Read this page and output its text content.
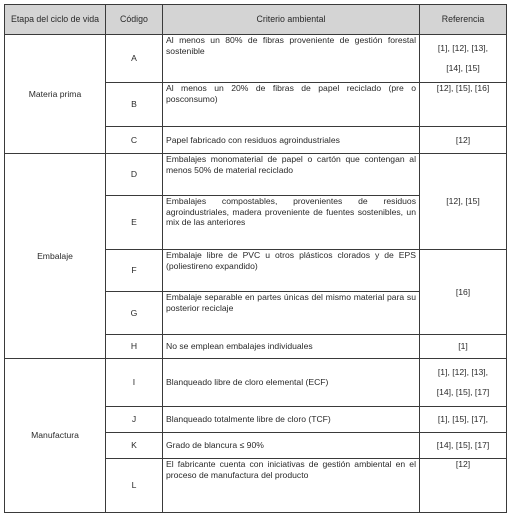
Etapa del ciclo de vida	Código	Criterio ambiental	Referencia
Materia prima	A	Al menos un 80% de fibras proveniente de gestión forestal sostenible	[1], [12], [13],
[14], [15]

	B	Al menos un 20% de fibras de papel reciclado (pre o posconsumo)	[12], [15], [16]
	C	Papel fabricado con residuos agroindustriales	[12]
Embalaje	D	Embalajes monomaterial de papel o cartón que contengan al menos 50% de material reciclado	[12], [15]
	E	Embalajes compostables, provenientes de residuos agroindustriales, madera proveniente de fuentes sostenibles, un mix de las anteriores	
	F	Embalaje libre de PVC u otros plásticos clorados y de EPS (poliestireno expandido)	[16]
	G	Embalaje separable en partes únicas del mismo material para su posterior reciclaje	
	H	No se emplean embalajes individuales	[1]
Manufactura	I	Blanqueado libre de cloro elemental (ECF)	[1], [12], [13],
[14], [15], [17]

	J	Blanqueado totalmente libre de cloro (TCF)	[1], [15], [17],
	K	Grado de blancura ≤ 90%	[14], [15], [17]
	L	El fabricante cuenta con iniciativas de gestión ambiental en el proceso de manufactura del producto	[12]
